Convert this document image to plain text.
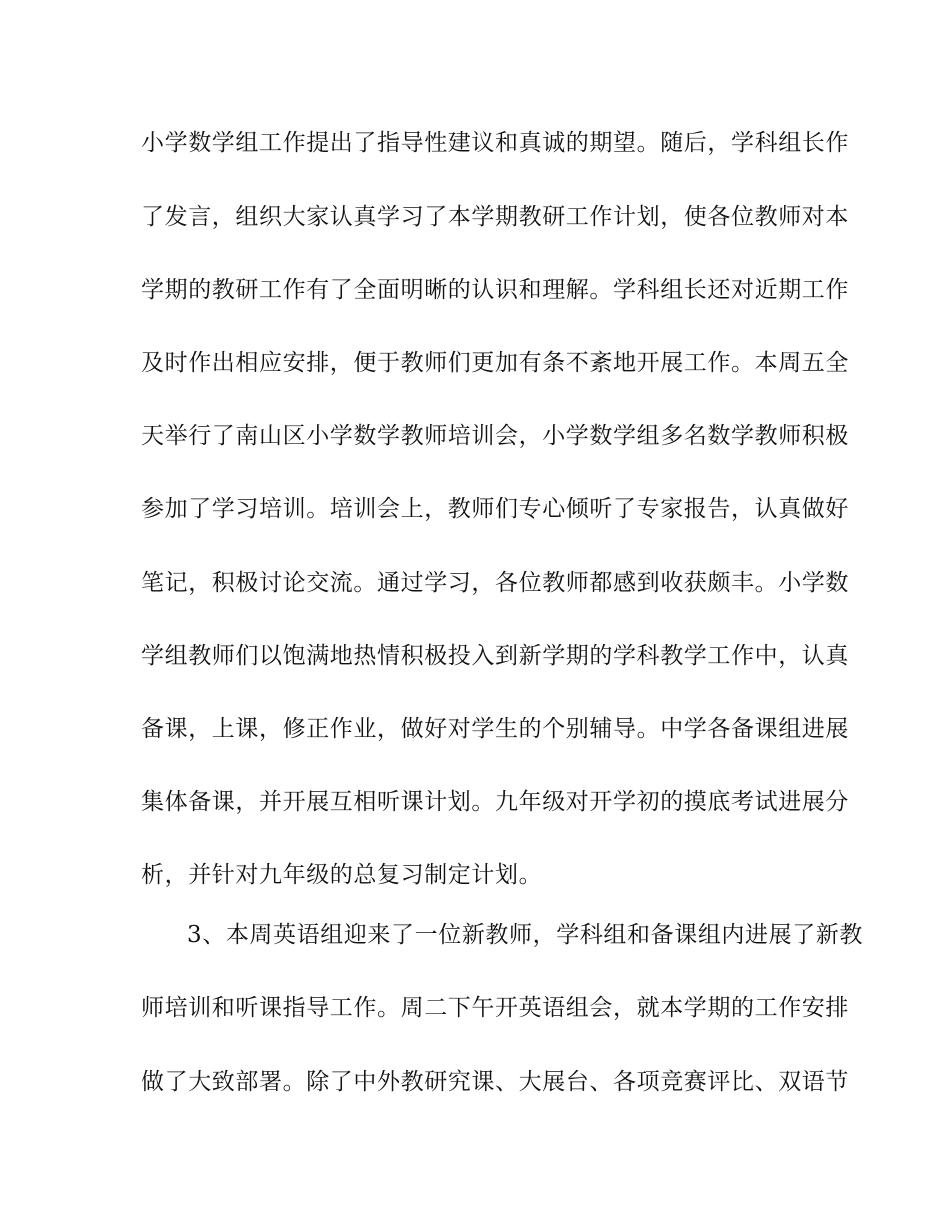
小学数学组工作提出了指导性建议和真诚的期望。随后，学科组长作
了发言，组织大家认真学习了本学期教研工作计划，使各位教师对本
学期的教研工作有了全面明晰的认识和理解。学科组长还对近期工作
及时作出相应安排，便于教师们更加有条不紊地开展工作。本周五全
天举行了南山区小学数学教师培训会，小学数学组多名数学教师积极
参加了学习培训。培训会上，教师们专心倾听了专家报告，认真做好
笔记，积极讨论交流。通过学习，各位教师都感到收获颇丰。小学数
学组教师们以饱满地热情积极投入到新学期的学科教学工作中，认真
备课，上课，修正作业，做好对学生的个别辅导。中学各备课组进展
集体备课，并开展互相听课计划。九年级对开学初的摸底考试进展分
析，并针对九年级的总复习制定计划。
3、本周英语组迎来了一位新教师，学科组和备课组内进展了新教
师培训和听课指导工作。周二下午开英语组会，就本学期的工作安排
做了大致部署。除了中外教研究课、大展台、各项竞赛评比、双语节
